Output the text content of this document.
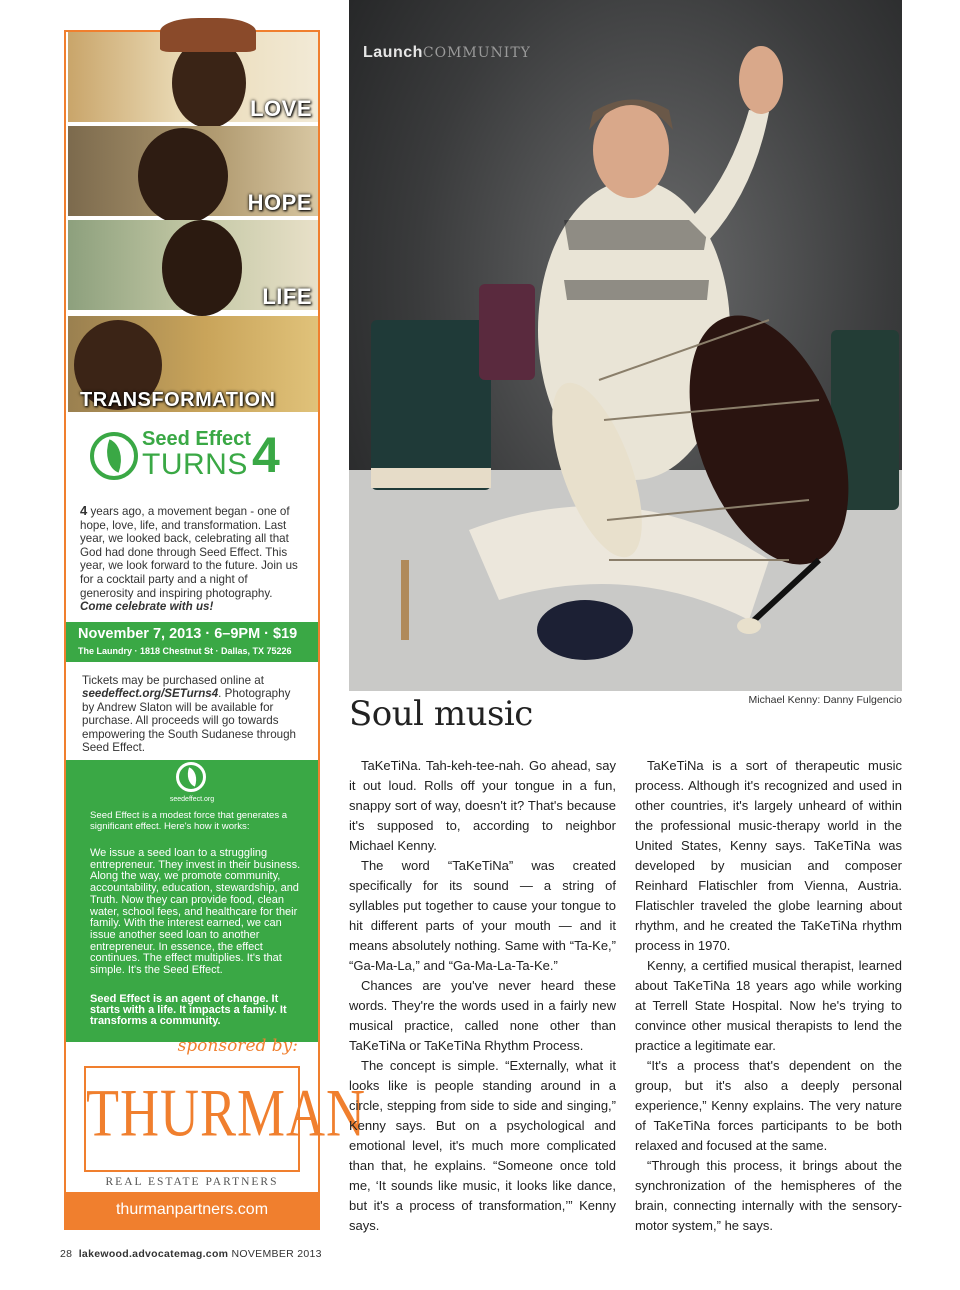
LOVE
HOPE
LIFE
TRANSFORMATION
Seed Effect
TURNS 4
4 years ago, a movement began - one of hope, love, life, and transformation. Last year, we looked back, celebrating all that God had done through Seed Effect. This year, we look forward to the future. Join us for a cocktail party and a night of generosity and inspiring photography. Come celebrate with us!
November 7, 2013 · 6–9PM · $19
The Laundry · 1818 Chestnut St · Dallas, TX 75226
Tickets may be purchased online at
seedeffect.org/SETurns4. Photography by Andrew Slaton will be available for purchase. All proceeds will go towards empowering the South Sudanese through Seed Effect.
seedeffect.org
Seed Effect is a modest force that generates a significant effect. Here's how it works:
We issue a seed loan to a struggling entrepreneur. They invest in their business. Along the way, we promote community, accountability, education, stewardship, and Truth. Now they can provide food, clean water, school fees, and healthcare for their family. With the interest earned, we can issue another seed loan to another entrepreneur. In essence, the effect continues. The effect multiplies. It's that simple. It's the Seed Effect.
Seed Effect is an agent of change. It starts with a life. It impacts a family. It transforms a community.
sponsored by:
THURMAN
REAL ESTATE PARTNERS
thurmanpartners.com
LaunchCOMMUNITY
Michael Kenny: Danny Fulgencio
Soul music

TaKeTiNa. Tah-keh-tee-nah. Go ahead, say it out loud. Rolls off your tongue in a fun, snappy sort of way, doesn't it? That's because it's supposed to, according to neighbor Michael Kenny.

The word “TaKeTiNa” was created specifically for its sound — a string of syllables put together to cause your tongue to hit different parts of your mouth — and it means absolutely nothing. Same with “Ta-Ke,” “Ga-Ma-La,” and “Ga-Ma-La-Ta-Ke.”

Chances are you've never heard these words. They're the words used in a fairly new musical practice, called none other than TaKeTiNa or TaKeTiNa Rhythm Process.

The concept is simple. “Externally, what it looks like is people standing around in a circle, stepping from side to side and singing,” Kenny says. But on a psychological and emotional level, it's much more complicated than that, he explains. “Someone once told me, ‘It sounds like music, it looks like dance, but it's a process of transformation,’” Kenny says.

TaKeTiNa is a sort of therapeutic music process. Although it's recognized and used in other countries, it's largely unheard of within the professional music-therapy world in the United States, Kenny says. TaKeTiNa was developed by musician and composer Reinhard Flatischler from Vienna, Austria. Flatischler traveled the globe learning about rhythm, and he created the TaKeTiNa rhythm process in 1970.

Kenny, a certified musical therapist, learned about TaKeTiNa 18 years ago while working at Terrell State Hospital. Now he's trying to convince other musical therapists to lend the practice a legitimate ear.

“It's a process that's dependent on the group, but it's also a deeply personal experience,” Kenny explains. The very nature of TaKeTiNa forces participants to be both relaxed and focused at the same.

“Through this process, it brings about the synchronization of the hemispheres of the brain, connecting internally with the sensory-motor system,” he says.

28 lakewood.advocatemag.com NOVEMBER 2013
